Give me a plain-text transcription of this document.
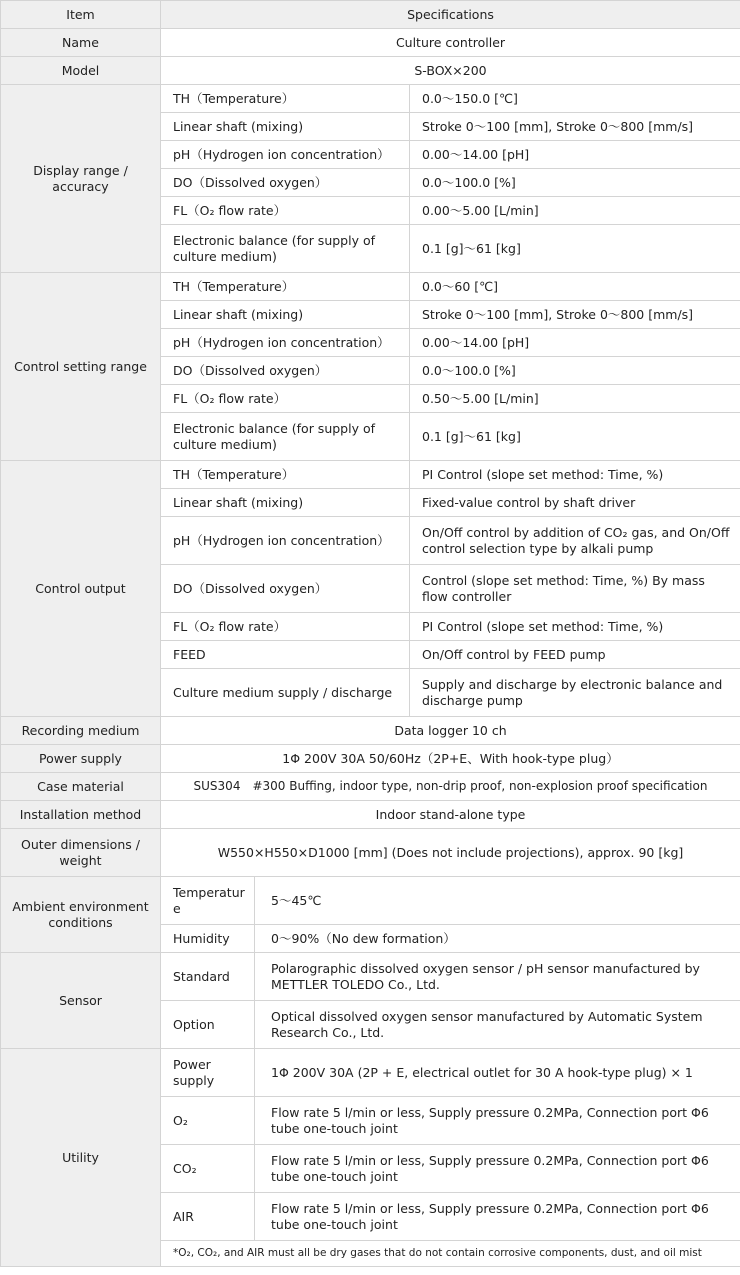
Item	Specifications		
Name	Culture controller		
Model	S-BOX×200		
Display range / accuracy	TH（Temperature）		0.0～150.0 [℃]
	Linear shaft (mixing)		Stroke 0～100 [mm], Stroke 0～800 [mm/s]
	pH（Hydrogen ion concentration）		0.00～14.00 [pH]
	DO（Dissolved oxygen）		0.0～100.0 [%]
	FL（O₂ flow rate）		0.00～5.00 [L/min]
	Electronic balance (for supply of culture medium)		0.1 [g]～61 [kg]
Control setting range	TH（Temperature）		0.0～60 [℃]
	Linear shaft (mixing)		Stroke 0～100 [mm], Stroke 0～800 [mm/s]
	pH（Hydrogen ion concentration）		0.00～14.00 [pH]
	DO（Dissolved oxygen）		0.0～100.0 [%]
	FL（O₂ flow rate）		0.50～5.00 [L/min]
	Electronic balance (for supply of culture medium)		0.1 [g]～61 [kg]
Control output	TH（Temperature）		PI Control (slope set method: Time, %)
	Linear shaft (mixing)		Fixed-value control by shaft driver
	pH（Hydrogen ion concentration）		On/Off control by addition of CO₂ gas, and On/Off control selection type by alkali pump
	DO（Dissolved oxygen）		Control (slope set method: Time, %) By mass flow controller
	FL（O₂ flow rate）		PI Control (slope set method: Time, %)
	FEED		On/Off control by FEED pump
	Culture medium supply / discharge		Supply and discharge by electronic balance and discharge pump
Recording medium	Data logger 10 ch		
Power supply	1Φ 200V 30A 50/60Hz（2P+E、With hook-type plug）		
Case material	SUS304　#300 Buffing, indoor type, non-drip proof, non-explosion proof specification		
Installation method	Indoor stand-alone type		
Outer dimensions / weight	W550×H550×D1000 [mm] (Does not include projections), approx. 90 [kg]		
Ambient environment conditions	Temperature	5～45℃	
	Humidity	0～90%（No dew formation）	
Sensor	Standard	Polarographic dissolved oxygen sensor / pH sensor manufactured by METTLER TOLEDO Co., Ltd.	
	Option	Optical dissolved oxygen sensor manufactured by Automatic System Research Co., Ltd.	
Utility	Power supply	1Φ 200V 30A (2P + E, electrical outlet for 30 A hook-type plug) × 1	
	O₂	Flow rate 5 l/min or less, Supply pressure 0.2MPa, Connection port Φ6 tube one-touch joint	
	CO₂	Flow rate 5 l/min or less, Supply pressure 0.2MPa, Connection port Φ6 tube one-touch joint	
	AIR	Flow rate 5 l/min or less, Supply pressure 0.2MPa, Connection port Φ6 tube one-touch joint	
	*O₂, CO₂, and AIR must all be dry gases that do not contain corrosive components, dust, and oil mist		
